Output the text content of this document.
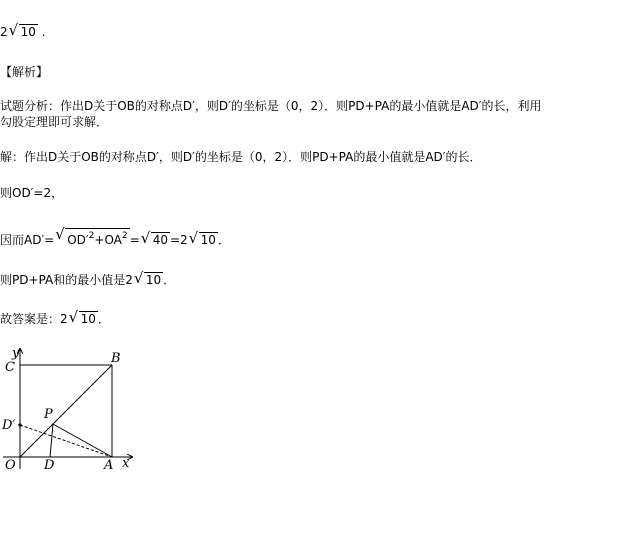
2 √ 10 .
【解析】
试题分析：作出D关于OB的对称点D′，则D′的坐标是（0，2）．则PD+PA的最小值就是AD′的长，利用
勾股定理即可求解．
解：作出D关于OB的对称点D′，则D′的坐标是（0，2）．则PD+PA的最小值就是AD′的长．
则OD′=2，
因而AD′= √ $OD'^2+OA^2$ = √ 40 =2 √ 10 ．
则PD+PA和的最小值是2 √ 10 ．
故答案是：2 √ 10 ．
y
C
B
P
D′
O D	A x
